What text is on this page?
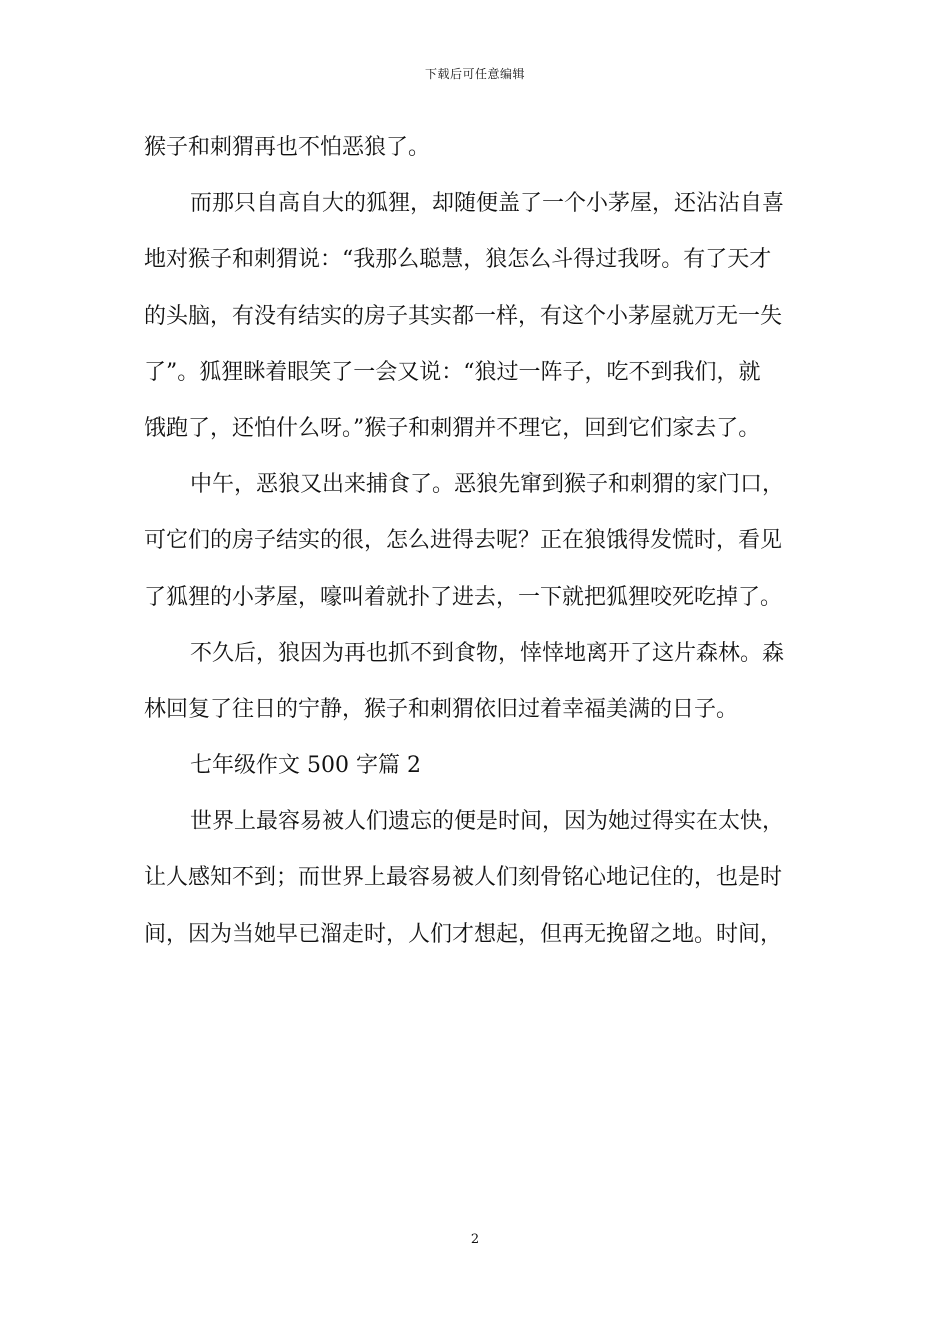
下载后可任意编辑
猴子和刺猬再也不怕恶狼了。
而那只自高自大的狐狸，却随便盖了一个小茅屋，还沾沾自喜
地对猴子和刺猬说：“我那么聪慧，狼怎么斗得过我呀。有了天才
的头脑，有没有结实的房子其实都一样，有这个小茅屋就万无一失
了”。狐狸眯着眼笑了一会又说：“狼过一阵子，吃不到我们，就
饿跑了，还怕什么呀。”猴子和刺猬并不理它，回到它们家去了。
中午，恶狼又出来捕食了。恶狼先窜到猴子和刺猬的家门口，
可它们的房子结实的很，怎么进得去呢？正在狼饿得发慌时，看见
了狐狸的小茅屋，嚎叫着就扑了进去，一下就把狐狸咬死吃掉了。
不久后，狼因为再也抓不到食物，悻悻地离开了这片森林。森
林回复了往日的宁静，猴子和刺猬依旧过着幸福美满的日子。
七年级作文 500 字篇 2
世界上最容易被人们遗忘的便是时间，因为她过得实在太快，
让人感知不到；而世界上最容易被人们刻骨铭心地记住的，也是时
间，因为当她早已溜走时，人们才想起，但再无挽留之地。时间，
2
